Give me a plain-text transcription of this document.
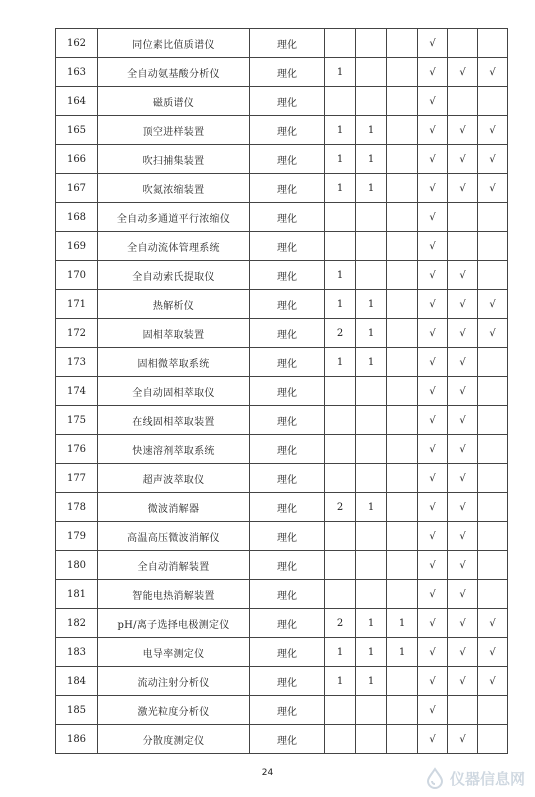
162	同位素比值质谱仪	理化				√		
163	全自动氨基酸分析仪	理化	1			√	√	√
164	磁质谱仪	理化				√		
165	顶空进样装置	理化	1	1		√	√	√
166	吹扫捕集装置	理化	1	1		√	√	√
167	吹氮浓缩装置	理化	1	1		√	√	√
168	全自动多通道平行浓缩仪	理化				√		
169	全自动流体管理系统	理化				√		
170	全自动索氏提取仪	理化	1			√	√	
171	热解析仪	理化	1	1		√	√	√
172	固相萃取装置	理化	2	1		√	√	√
173	固相微萃取系统	理化	1	1		√	√	
174	全自动固相萃取仪	理化				√	√	
175	在线固相萃取装置	理化				√	√	
176	快速溶剂萃取系统	理化				√	√	
177	超声波萃取仪	理化				√	√	
178	微波消解器	理化	2	1		√	√	
179	高温高压微波消解仪	理化				√	√	
180	全自动消解装置	理化				√	√	
181	智能电热消解装置	理化				√	√	
182	pH/离子选择电极测定仪	理化	2	1	1	√	√	√
183	电导率测定仪	理化	1	1	1	√	√	√
184	流动注射分析仪	理化	1	1		√	√	√
185	激光粒度分析仪	理化				√		
186	分散度测定仪	理化				√	√	
24	仪器信息网
